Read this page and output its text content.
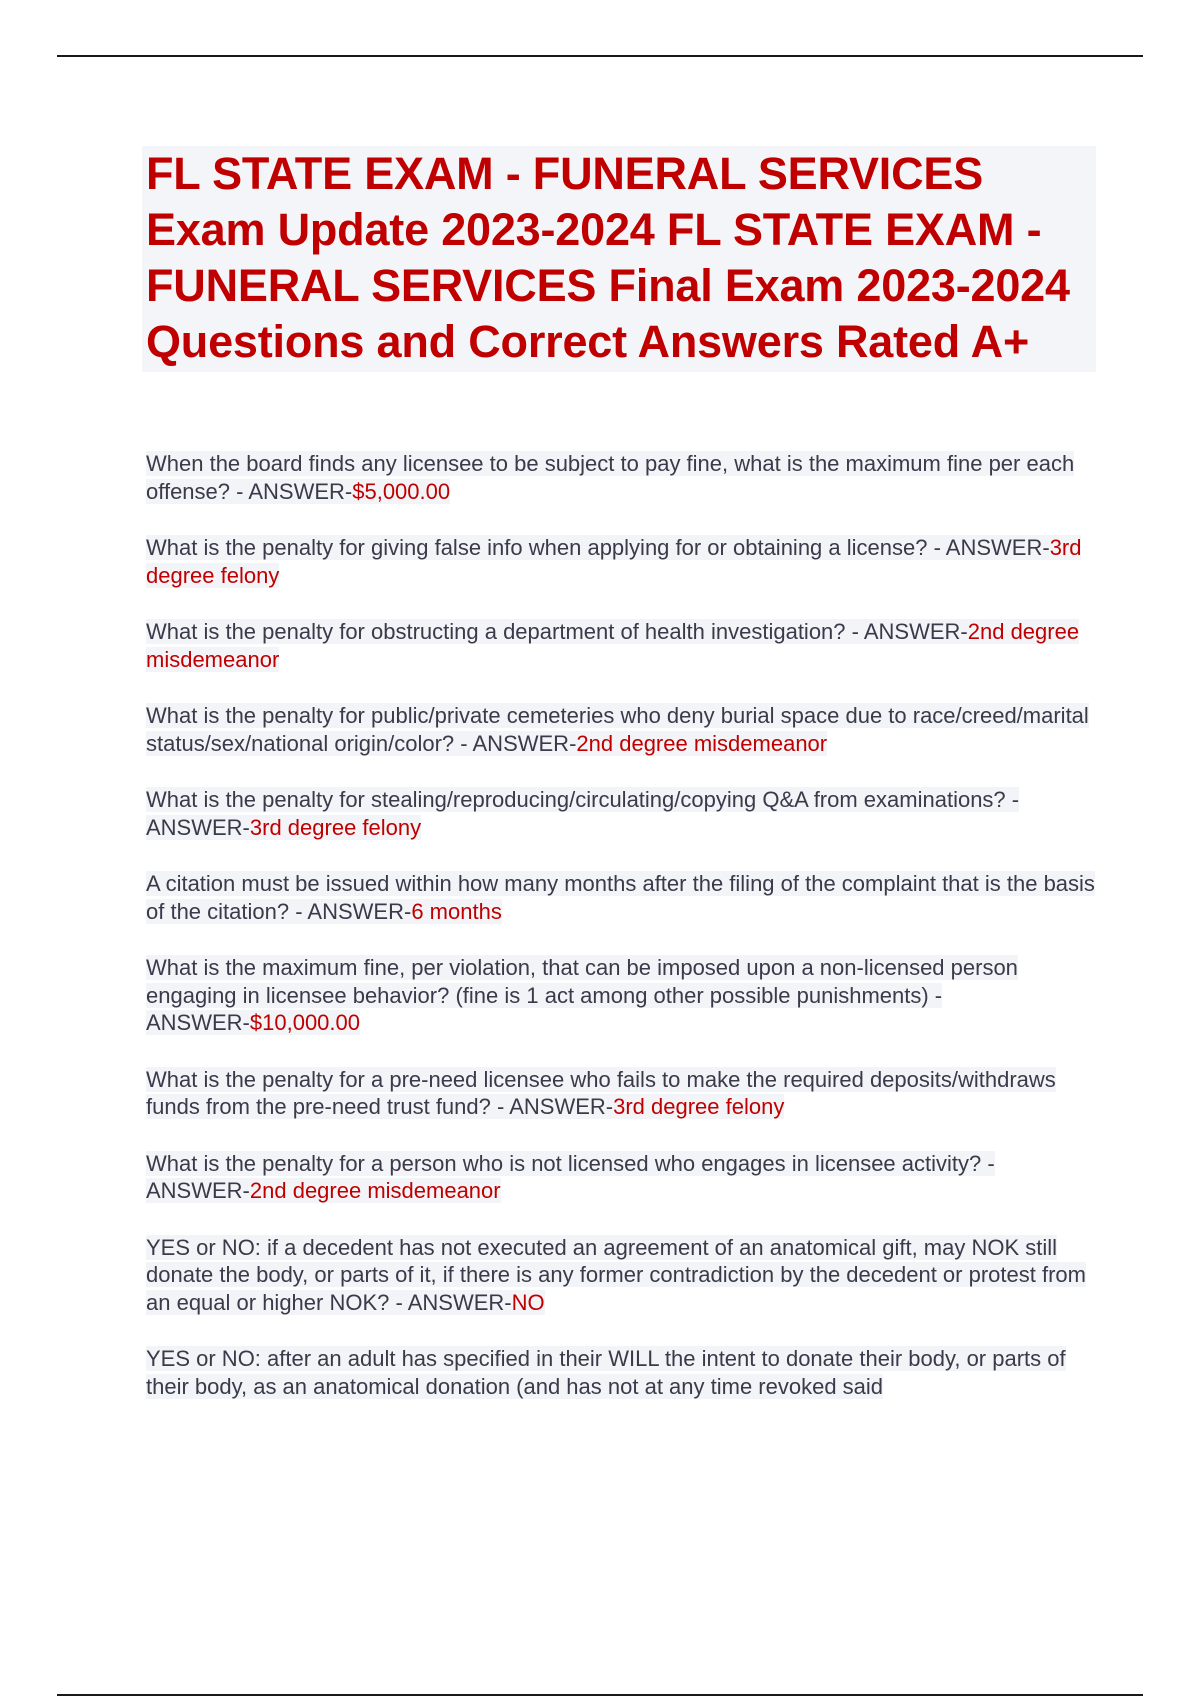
FL STATE EXAM - FUNERAL SERVICES Exam Update 2023-2024 FL STATE EXAM - FUNERAL SERVICES Final Exam 2023-2024 Questions and Correct Answers Rated A+

When the board finds any licensee to be subject to pay fine, what is the maximum fine per each offense? - ANSWER-$5,000.00

What is the penalty for giving false info when applying for or obtaining a license? - ANSWER-3rd degree felony

What is the penalty for obstructing a department of health investigation? - ANSWER-2nd degree misdemeanor

What is the penalty for public/private cemeteries who deny burial space due to race/creed/marital status/sex/national origin/color? - ANSWER-2nd degree misdemeanor

What is the penalty for stealing/reproducing/circulating/copying Q&A from examinations? - ANSWER-3rd degree felony

A citation must be issued within how many months after the filing of the complaint that is the basis of the citation? - ANSWER-6 months

What is the maximum fine, per violation, that can be imposed upon a non-licensed person engaging in licensee behavior? (fine is 1 act among other possible punishments) - ANSWER-$10,000.00

What is the penalty for a pre-need licensee who fails to make the required deposits/withdraws funds from the pre-need trust fund? - ANSWER-3rd degree felony

What is the penalty for a person who is not licensed who engages in licensee activity? - ANSWER-2nd degree misdemeanor

YES or NO: if a decedent has not executed an agreement of an anatomical gift, may NOK still donate the body, or parts of it, if there is any former contradiction by the decedent or protest from an equal or higher NOK? - ANSWER-NO

YES or NO: after an adult has specified in their WILL the intent to donate their body, or parts of their body, as an anatomical donation (and has not at any time revoked said
